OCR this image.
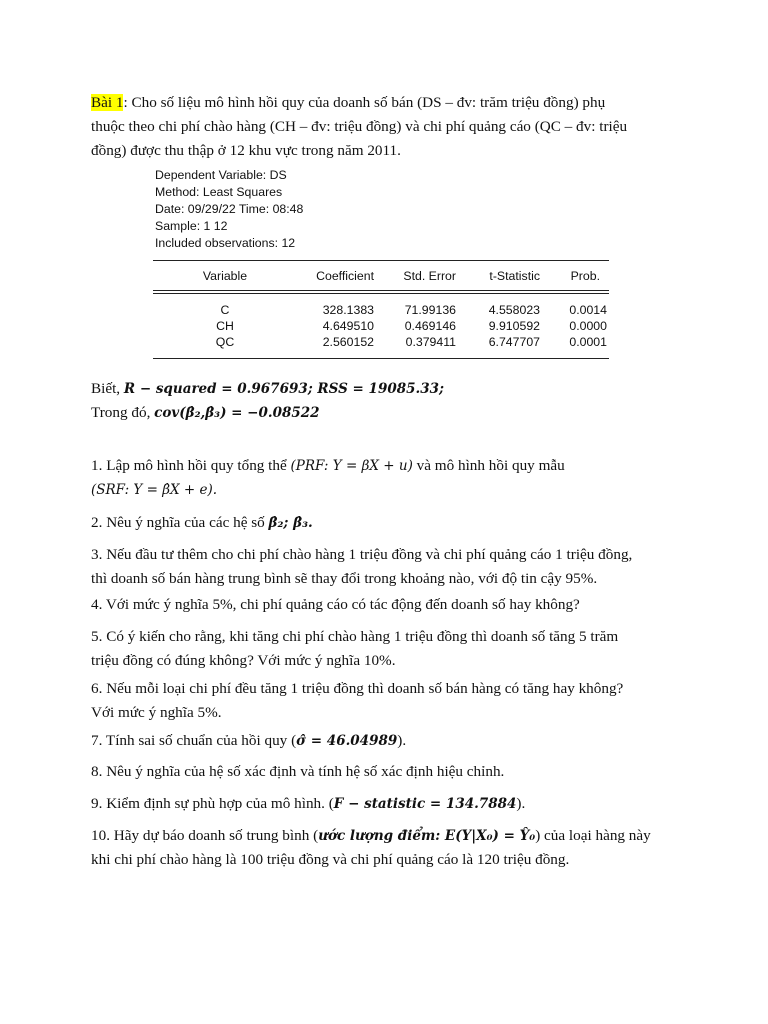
Bài 1: Cho số liệu mô hình hồi quy của doanh số bán (DS – đv: trăm triệu đồng) phụ
thuộc theo chi phí chào hàng (CH – đv: triệu đồng) và chi phí quảng cáo (QC – đv: triệu
đồng) được thu thập ở 12 khu vực trong năm 2011.
Dependent Variable: DS
Method: Least Squares
Date: 09/29/22 Time: 08:48
Sample: 1 12
Included observations: 12
Variable	Coefficient	Std. Error	t-Statistic	Prob.
C	328.1383	71.99136	4.558023	0.0014
CH	4.649510	0.469146	9.910592	0.0000
QC	2.560152	0.379411	6.747707	0.0001
Biết, R − squared = 0.967693; RSS = 19085.33;
Trong đó, cov(β̂₂,β̂₃) = −0.08522
1. Lập mô hình hồi quy tổng thể (PRF: Y = βX + u) và mô hình hồi quy mẫu
(SRF: Y = β̂X + e).
2. Nêu ý nghĩa của các hệ số β̂₂; β̂₃.
3. Nếu đầu tư thêm cho chi phí chào hàng 1 triệu đồng và chi phí quảng cáo 1 triệu đồng,
thì doanh số bán hàng trung bình sẽ thay đổi trong khoảng nào, với độ tin cậy 95%.
4. Với mức ý nghĩa 5%, chi phí quảng cáo có tác động đến doanh số hay không?
5. Có ý kiến cho rằng, khi tăng chi phí chào hàng 1 triệu đồng thì doanh số tăng 5 trăm
triệu đồng có đúng không? Với mức ý nghĩa 10%.
6. Nếu mỗi loại chi phí đều tăng 1 triệu đồng thì doanh số bán hàng có tăng hay không?
Với mức ý nghĩa 5%.
7. Tính sai số chuẩn của hồi quy (σ̂ = 46.04989).
8. Nêu ý nghĩa của hệ số xác định và tính hệ số xác định hiệu chỉnh.
9. Kiểm định sự phù hợp của mô hình. (F − statistic = 134.7884).
10. Hãy dự báo doanh số trung bình (ước lượng điểm: E(Y|X₀) = Ŷ₀) của loại hàng này
khi chi phí chào hàng là 100 triệu đồng và chi phí quảng cáo là 120 triệu đồng.
